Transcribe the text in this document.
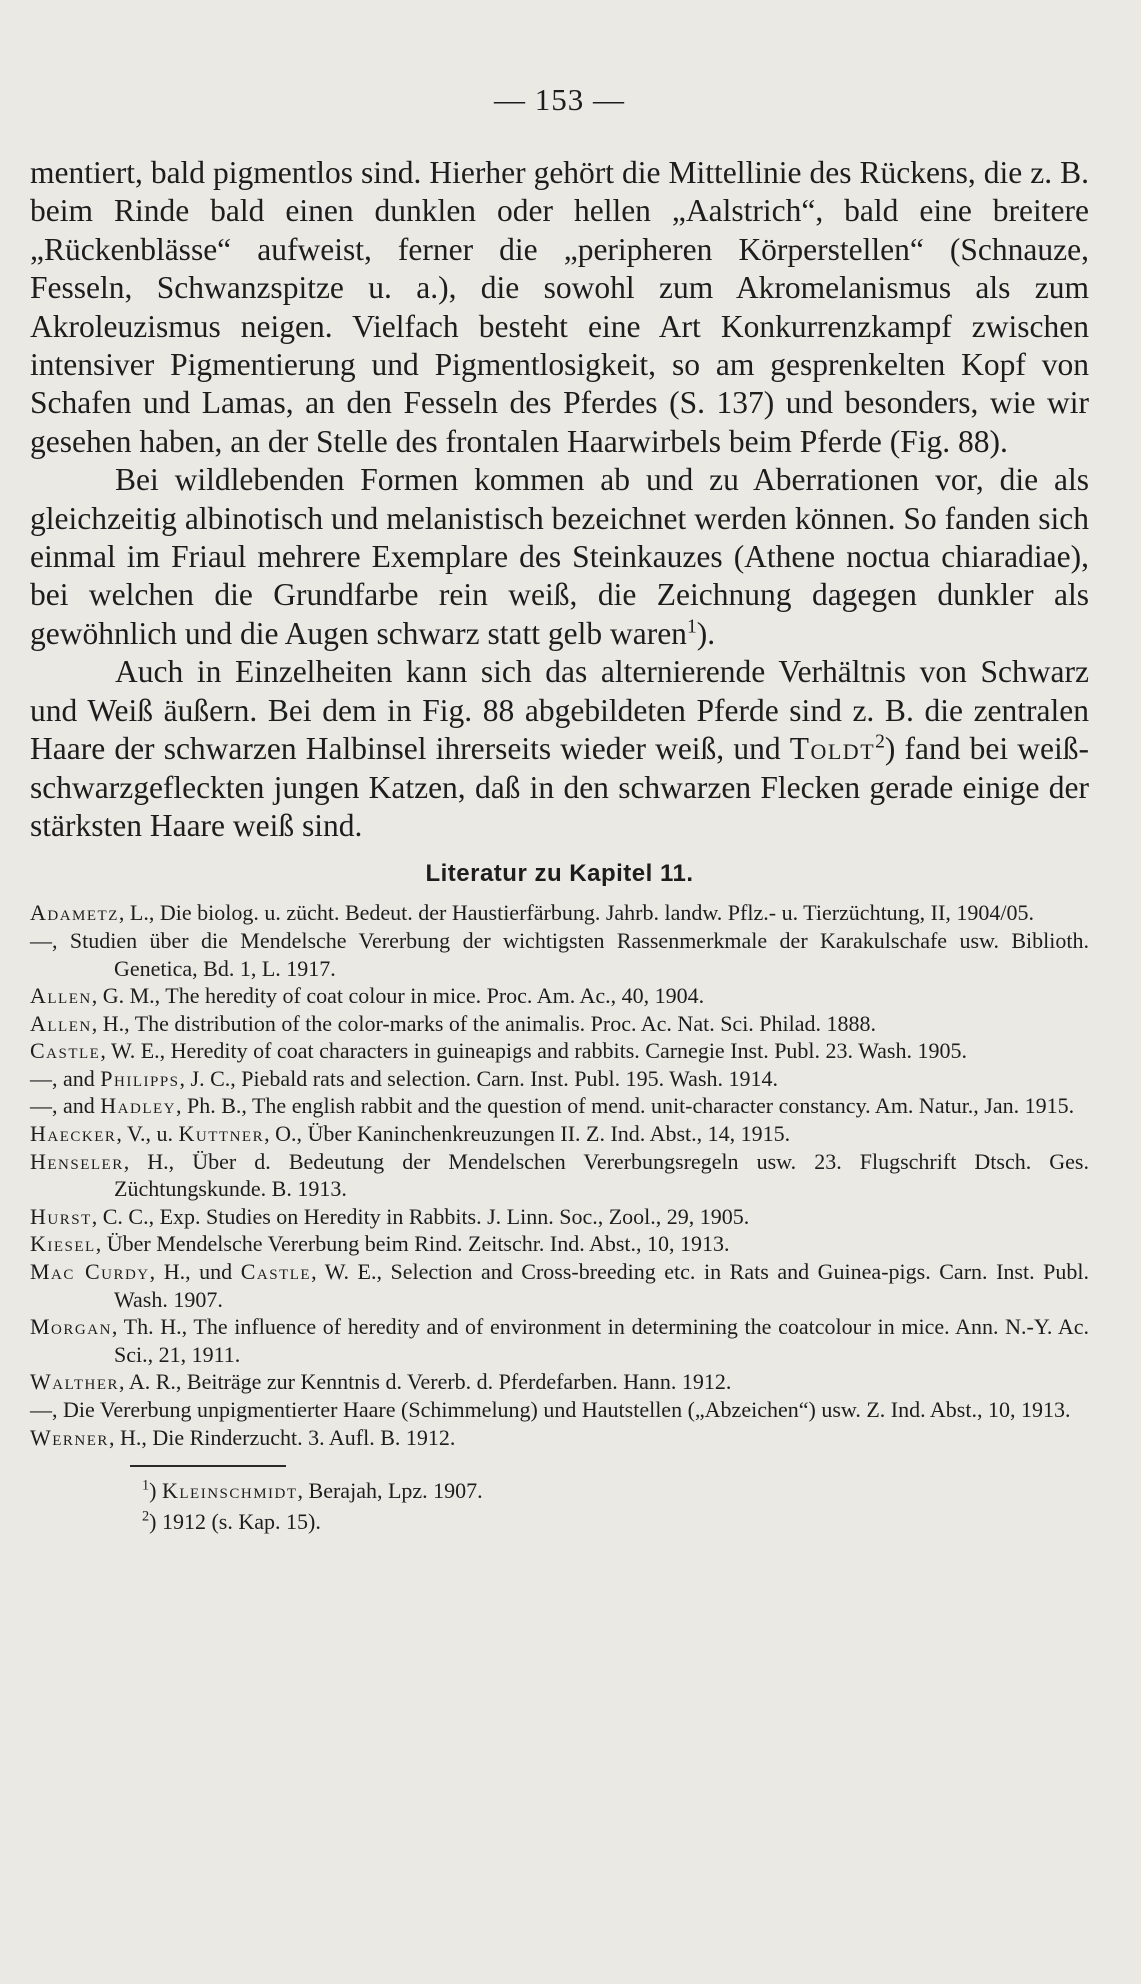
— 153 —

mentiert, bald pigmentlos sind. Hierher gehört die Mittellinie des Rückens, die z. B. beim Rinde bald einen dunklen oder hellen „Aalstrich“, bald eine breitere „Rückenblässe“ aufweist, ferner die „peripheren Körperstellen“ (Schnauze, Fesseln, Schwanzspitze u. a.), die sowohl zum Akromelanismus als zum Akroleuzismus neigen. Vielfach besteht eine Art Konkurrenzkampf zwischen intensiver Pigmentierung und Pigmentlosigkeit, so am gesprenkelten Kopf von Schafen und Lamas, an den Fesseln des Pferdes (S. 137) und besonders, wie wir gesehen haben, an der Stelle des frontalen Haarwirbels beim Pferde (Fig. 88).

Bei wildlebenden Formen kommen ab und zu Aberrationen vor, die als gleichzeitig albinotisch und melanistisch bezeichnet werden können. So fanden sich einmal im Friaul mehrere Exemplare des Steinkauzes (Athene noctua chiaradiae), bei welchen die Grundfarbe rein weiß, die Zeichnung dagegen dunkler als gewöhnlich und die Augen schwarz statt gelb waren$^1$).

Auch in Einzelheiten kann sich das alternierende Verhältnis von Schwarz und Weiß äußern. Bei dem in Fig. 88 abgebildeten Pferde sind z. B. die zentralen Haare der schwarzen Halbinsel ihrerseits wieder weiß, und Toldt$^2$) fand bei weiß-schwarzgefleckten jungen Katzen, daß in den schwarzen Flecken gerade einige der stärksten Haare weiß sind.

Literatur zu Kapitel 11.
Adametz, L., Die biolog. u. zücht. Bedeut. der Haustierfärbung. Jahrb. landw. Pflz.- u. Tierzüchtung, II, 1904/05.
—, Studien über die Mendelsche Vererbung der wichtigsten Rassenmerkmale der Karakulschafe usw. Biblioth. Genetica, Bd. 1, L. 1917.
Allen, G. M., The heredity of coat colour in mice. Proc. Am. Ac., 40, 1904.
Allen, H., The distribution of the color-marks of the animalis. Proc. Ac. Nat. Sci. Philad. 1888.
Castle, W. E., Heredity of coat characters in guineapigs and rabbits. Carnegie Inst. Publ. 23. Wash. 1905.
—, and Philipps, J. C., Piebald rats and selection. Carn. Inst. Publ. 195. Wash. 1914.
—, and Hadley, Ph. B., The english rabbit and the question of mend. unit-character constancy. Am. Natur., Jan. 1915.
Haecker, V., u. Kuttner, O., Über Kaninchenkreuzungen II. Z. Ind. Abst., 14, 1915.
Henseler, H., Über d. Bedeutung der Mendelschen Vererbungsregeln usw. 23. Flugschrift Dtsch. Ges. Züchtungskunde. B. 1913.
Hurst, C. C., Exp. Studies on Heredity in Rabbits. J. Linn. Soc., Zool., 29, 1905.
Kiesel, Über Mendelsche Vererbung beim Rind. Zeitschr. Ind. Abst., 10, 1913.
Mac Curdy, H., und Castle, W. E., Selection and Cross-breeding etc. in Rats and Guinea-pigs. Carn. Inst. Publ. Wash. 1907.
Morgan, Th. H., The influence of heredity and of environment in determining the coatcolour in mice. Ann. N.-Y. Ac. Sci., 21, 1911.
Walther, A. R., Beiträge zur Kenntnis d. Vererb. d. Pferdefarben. Hann. 1912.
—, Die Vererbung unpigmentierter Haare (Schimmelung) und Hautstellen („Abzeichen“) usw. Z. Ind. Abst., 10, 1913.
Werner, H., Die Rinderzucht. 3. Aufl. B. 1912.
$^1$) Kleinschmidt, Berajah, Lpz. 1907.
$^2$) 1912 (s. Kap. 15).
